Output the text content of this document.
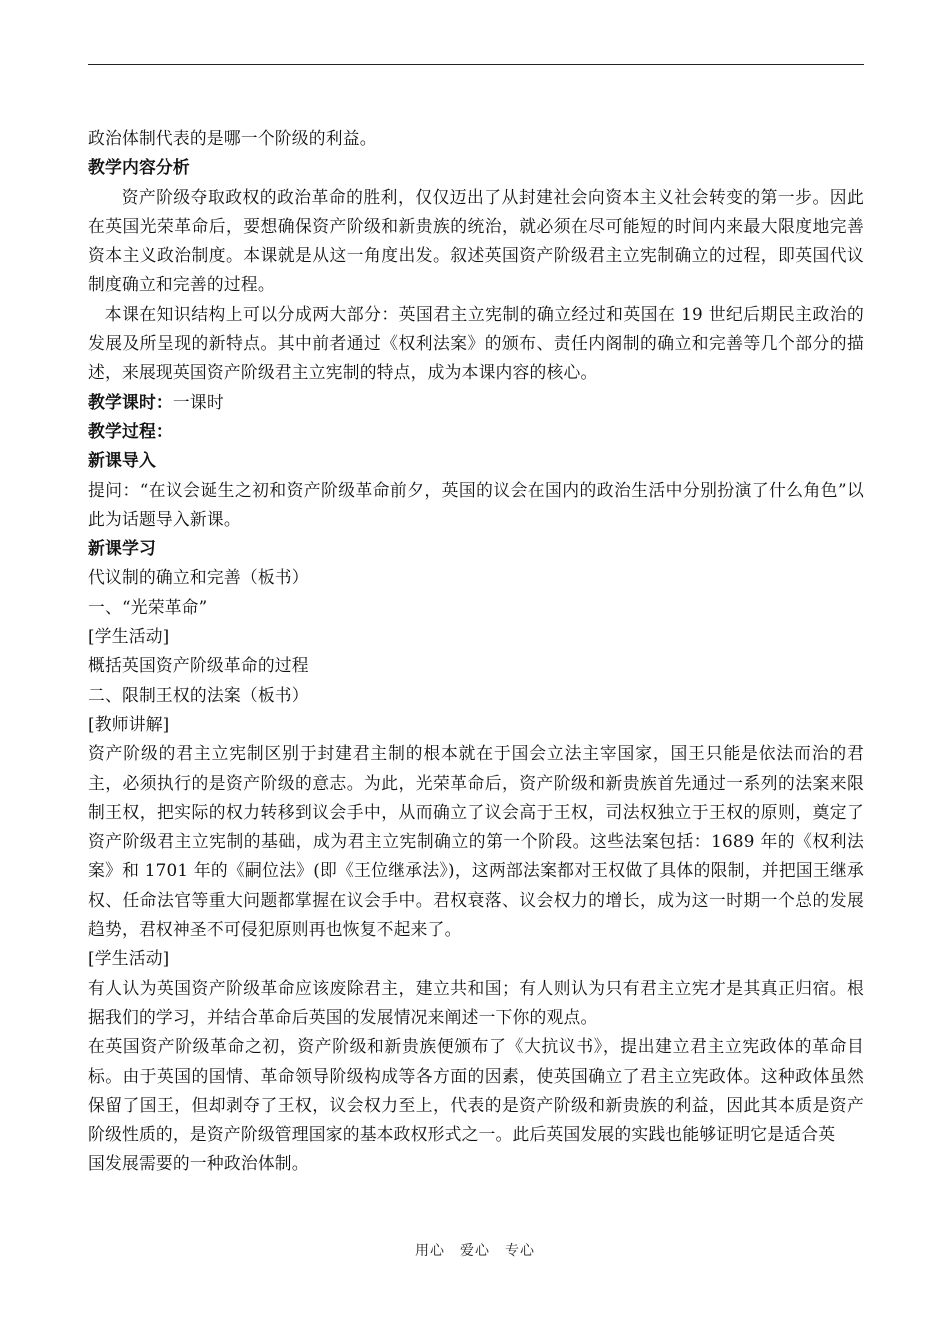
政治体制代表的是哪一个阶级的利益。

教学内容分析

资产阶级夺取政权的政治革命的胜利，仅仅迈出了从封建社会向资本主义社会转变的第一步。因此在英国光荣革命后，要想确保资产阶级和新贵族的统治，就必须在尽可能短的时间内来最大限度地完善资本主义政治制度。本课就是从这一角度出发。叙述英国资产阶级君主立宪制确立的过程，即英国代议制度确立和完善的过程。

本课在知识结构上可以分成两大部分：英国君主立宪制的确立经过和英国在 19 世纪后期民主政治的发展及所呈现的新特点。其中前者通过《权利法案》的颁布、责任内阁制的确立和完善等几个部分的描述，来展现英国资产阶级君主立宪制的特点，成为本课内容的核心。

教学课时：一课时

教学过程：

新课导入

提问：“在议会诞生之初和资产阶级革命前夕，英国的议会在国内的政治生活中分别扮演了什么角色”以此为话题导入新课。

新课学习

代议制的确立和完善（板书）

一、“光荣革命”

[学生活动]

概括英国资产阶级革命的过程

二、限制王权的法案（板书）

[教师讲解]

资产阶级的君主立宪制区别于封建君主制的根本就在于国会立法主宰国家，国王只能是依法而治的君主，必须执行的是资产阶级的意志。为此，光荣革命后，资产阶级和新贵族首先通过一系列的法案来限制王权，把实际的权力转移到议会手中，从而确立了议会高于王权，司法权独立于王权的原则，奠定了资产阶级君主立宪制的基础，成为君主立宪制确立的第一个阶段。这些法案包括：1689 年的《权利法案》和 1701 年的《嗣位法》(即《王位继承法》)，这两部法案都对王权做了具体的限制，并把国王继承权、任命法官等重大问题都掌握在议会手中。君权衰落、议会权力的增长，成为这一时期一个总的发展趋势，君权神圣不可侵犯原则再也恢复不起来了。

[学生活动]

有人认为英国资产阶级革命应该废除君主，建立共和国；有人则认为只有君主立宪才是其真正归宿。根据我们的学习，并结合革命后英国的发展情况来阐述一下你的观点。

在英国资产阶级革命之初，资产阶级和新贵族便颁布了《大抗议书》，提出建立君主立宪政体的革命目标。由于英国的国情、革命领导阶级构成等各方面的因素，使英国确立了君主立宪政体。这种政体虽然保留了国王，但却剥夺了王权，议会权力至上，代表的是资产阶级和新贵族的利益，因此其本质是资产阶级性质的，是资产阶级管理国家的基本政权形式之一。此后英国发展的实践也能够证明它是适合英

国发展需要的一种政治体制。

用心　爱心　专心
